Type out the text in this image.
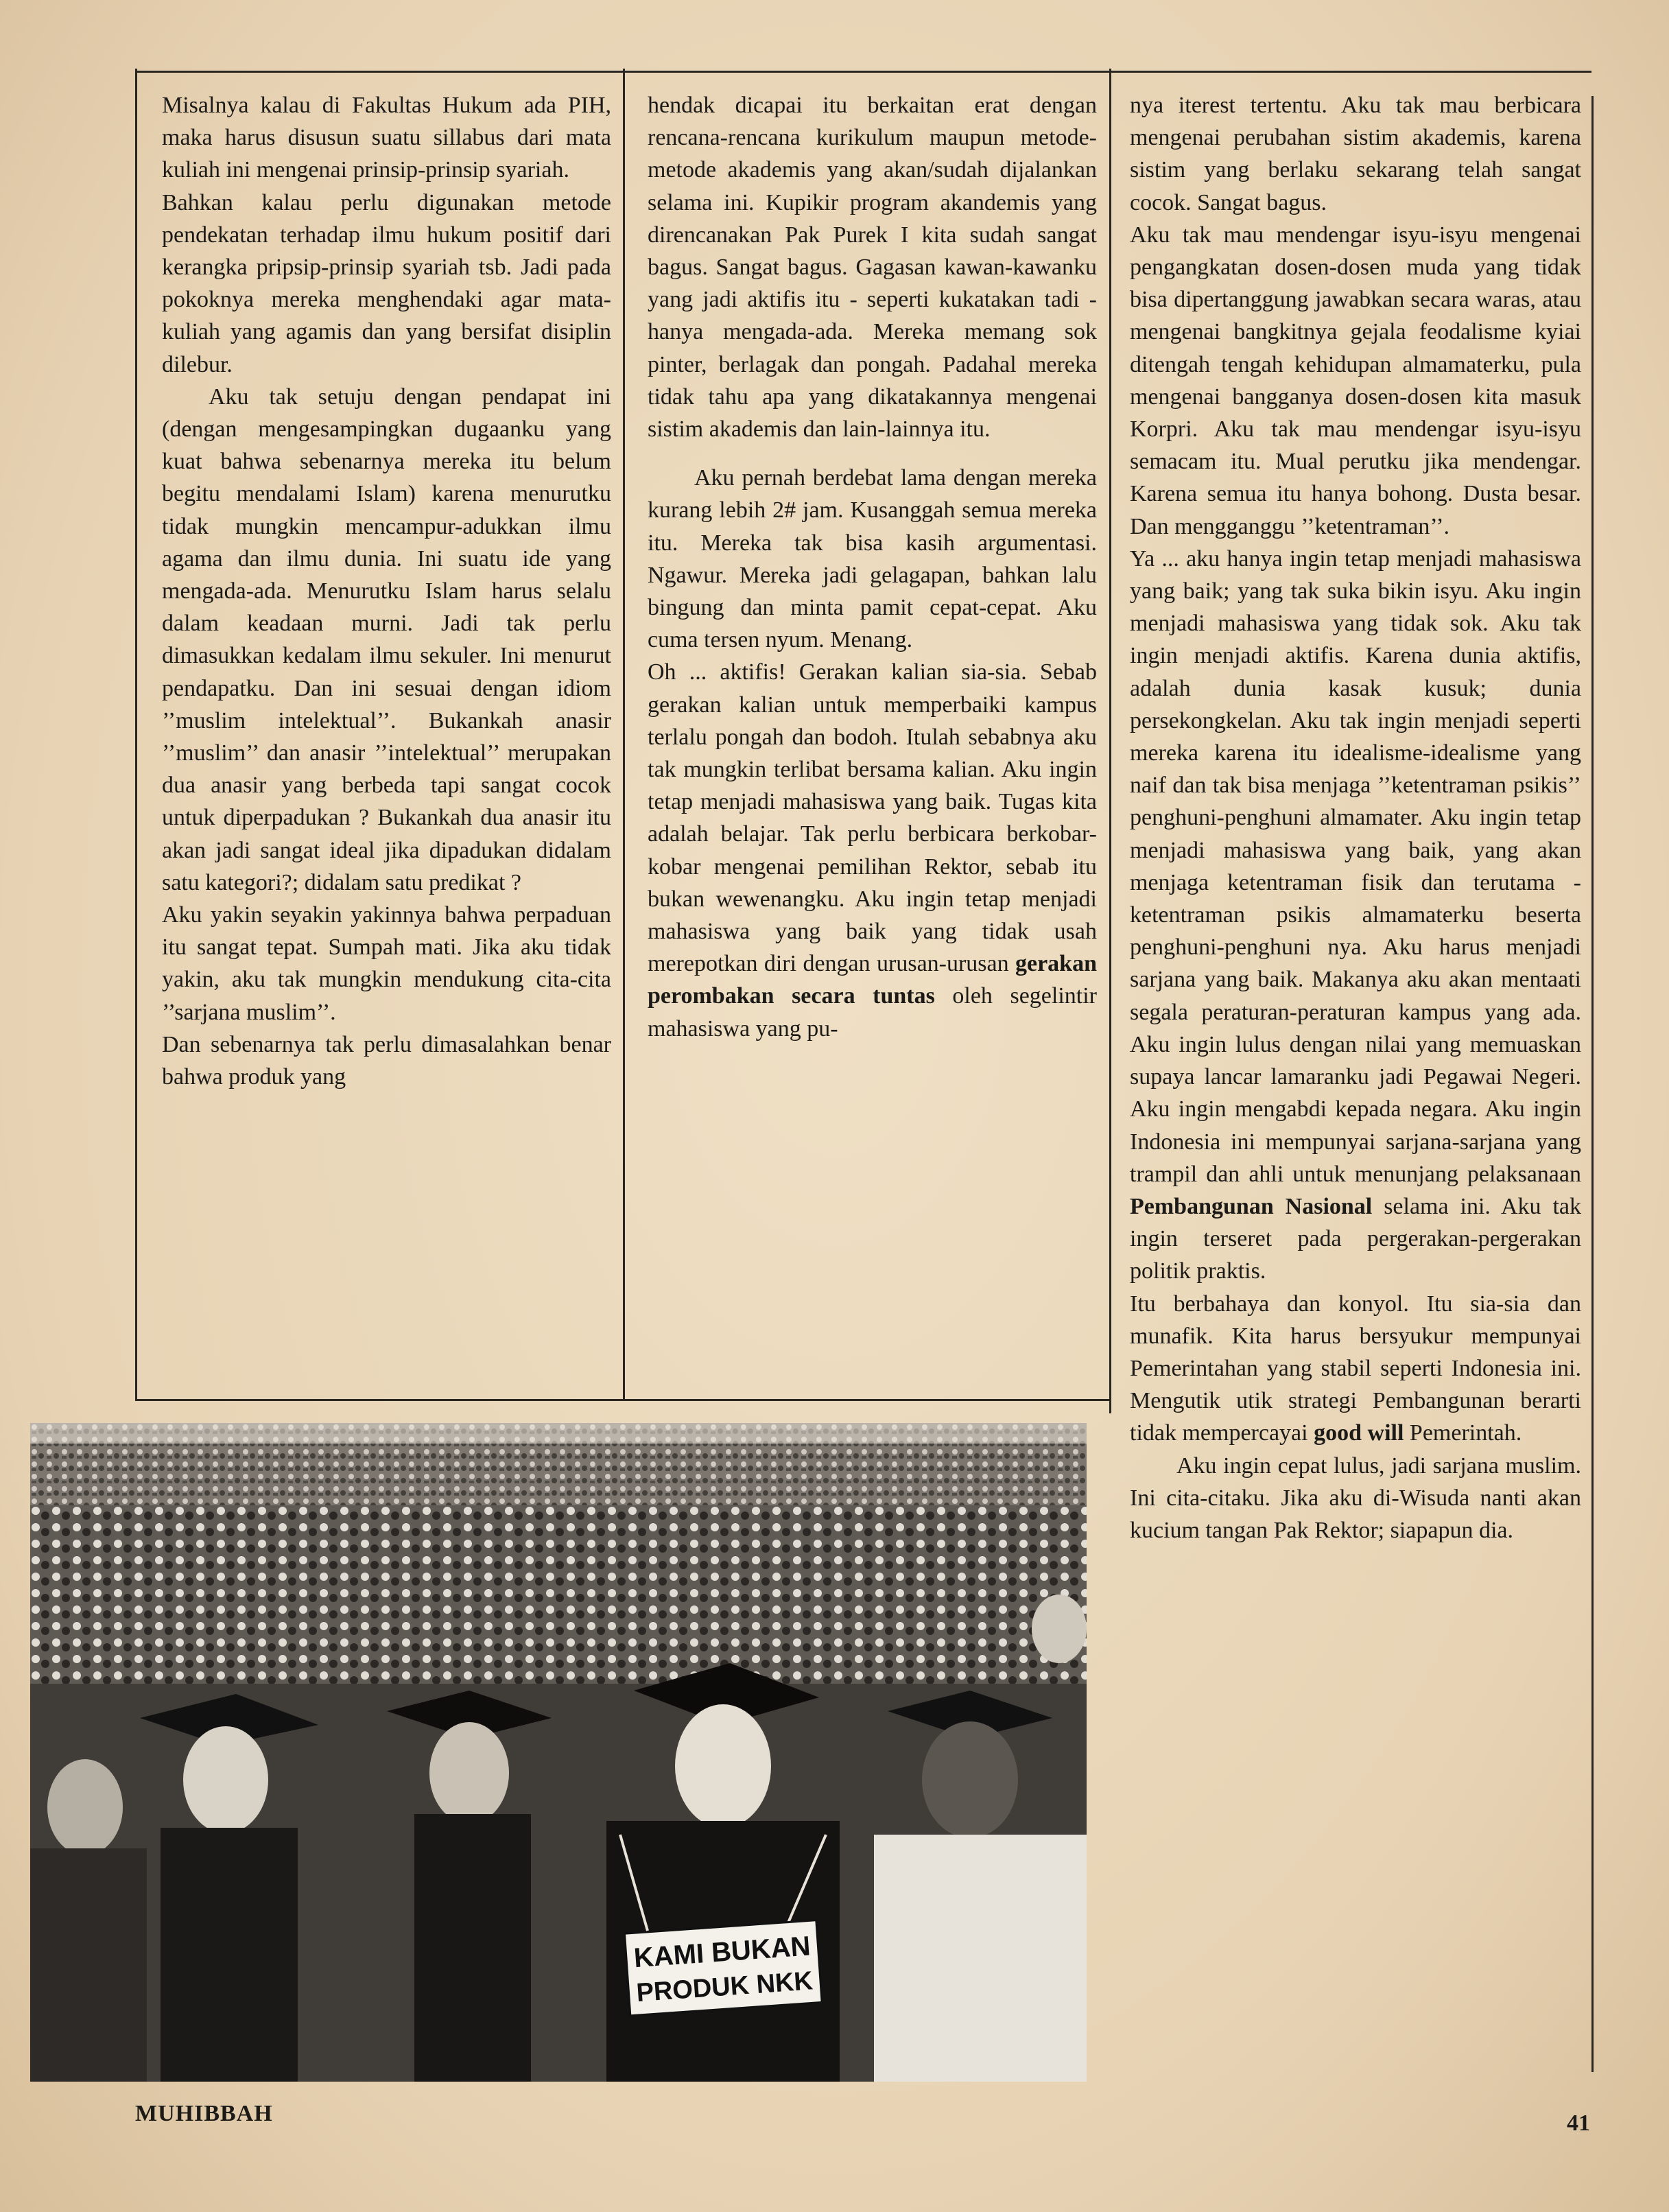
Misalnya kalau di Fakultas Hukum ada PIH, maka harus disusun suatu sillabus dari mata kuliah ini mengenai prinsip-prinsip syariah.

Bahkan kalau perlu digunakan metode pendekatan terhadap ilmu hukum positif dari kerangka pripsip-prinsip syariah tsb. Jadi pada pokoknya mereka menghendaki agar mata-kuliah yang agamis dan yang bersifat disiplin dilebur.

Aku tak setuju dengan pendapat ini (dengan mengesampingkan dugaanku yang kuat bahwa sebenarnya mereka itu belum begitu mendalami Islam) karena menurutku tidak mungkin mencampur-adukkan ilmu agama dan ilmu dunia. Ini suatu ide yang mengada-ada. Menurutku Islam harus selalu dalam keadaan murni. Jadi tak perlu dimasukkan kedalam ilmu sekuler. Ini menurut pendapatku. Dan ini sesuai dengan idiom ’’muslim intelektual’’. Bukankah anasir ’’muslim’’ dan anasir ’’intelektual’’ merupakan dua anasir yang berbeda tapi sangat cocok untuk diperpadukan ? Bukankah dua anasir itu akan jadi sangat ideal jika dipadukan didalam satu kategori?; didalam satu predikat ?

Aku yakin seyakin yakinnya bahwa perpaduan itu sangat tepat. Sumpah mati. Jika aku tidak yakin, aku tak mungkin mendukung cita-cita ’’sarjana muslim’’.

Dan sebenarnya tak perlu dimasalahkan benar bahwa produk yang

hendak dicapai itu berkaitan erat dengan rencana-rencana kurikulum maupun metode-metode akademis yang akan/sudah dijalankan selama ini. Kupikir program akandemis yang direncanakan Pak Purek I kita sudah sangat bagus. Sangat bagus. Gagasan kawan-kawanku yang jadi aktifis itu - seperti kukatakan tadi - hanya mengada-ada. Mereka memang sok pinter, berlagak dan pongah. Padahal mereka tidak tahu apa yang dikatakannya mengenai sistim akademis dan lain-lainnya itu.

Aku pernah berdebat lama dengan mereka kurang lebih 2# jam. Kusanggah semua mereka itu. Mereka tak bisa kasih argumentasi. Ngawur. Mereka jadi gelagapan, bahkan lalu bingung dan minta pamit cepat-cepat. Aku cuma tersen nyum. Menang.

Oh ... aktifis! Gerakan kalian sia-sia. Sebab gerakan kalian untuk memperbaiki kampus terlalu pongah dan bodoh. Itulah sebabnya aku tak mungkin terlibat bersama kalian. Aku ingin tetap menjadi mahasiswa yang baik. Tugas kita adalah belajar. Tak perlu berbicara berkobar-kobar mengenai pemilihan Rektor, sebab itu bukan wewenangku. Aku ingin tetap menjadi mahasiswa yang baik yang tidak usah merepotkan diri dengan urusan-urusan gerakan perombakan secara tuntas oleh segelintir mahasiswa yang pu-

nya iterest tertentu. Aku tak mau berbicara mengenai perubahan sistim akademis, karena sistim yang berlaku sekarang telah sangat cocok. Sangat bagus.

Aku tak mau mendengar isyu-isyu mengenai pengangkatan dosen-dosen muda yang tidak bisa dipertanggung jawabkan secara waras, atau mengenai bangkitnya gejala feodalisme kyiai ditengah tengah kehidupan almamaterku, pula mengenai bangganya dosen-dosen kita masuk Korpri. Aku tak mau mendengar isyu-isyu semacam itu. Mual perutku jika mendengar. Karena semua itu hanya bohong. Dusta besar. Dan mengganggu ’’ketentraman’’.

Ya ... aku hanya ingin tetap menjadi mahasiswa yang baik; yang tak suka bikin isyu. Aku ingin menjadi mahasiswa yang tidak sok. Aku tak ingin menjadi aktifis. Karena dunia aktifis, adalah dunia kasak kusuk; dunia persekongkelan. Aku tak ingin menjadi seperti mereka karena itu idealisme-idealisme yang naif dan tak bisa menjaga ’’ketentraman psikis’’ penghuni-penghuni almamater. Aku ingin tetap menjadi mahasiswa yang baik, yang akan menjaga ketentraman fisik dan terutama - ketentraman psikis almamaterku beserta penghuni-penghuni nya. Aku harus menjadi sarjana yang baik. Makanya aku akan mentaati segala peraturan-peraturan kampus yang ada. Aku ingin lulus dengan nilai yang memuaskan supaya lancar lamaranku jadi Pegawai Negeri. Aku ingin mengabdi kepada negara. Aku ingin Indonesia ini mempunyai sarjana-sarjana yang trampil dan ahli untuk menunjang pelaksanaan Pembangunan Nasional selama ini. Aku tak ingin terseret pada pergerakan-pergerakan politik praktis.

Itu berbahaya dan konyol. Itu sia-sia dan munafik. Kita harus bersyukur mempunyai Pemerintahan yang stabil seperti Indonesia ini. Mengutik utik strategi Pembangunan berarti tidak mempercayai good will Pemerintah.

Aku ingin cepat lulus, jadi sarjana muslim. Ini cita-citaku. Jika aku di-Wisuda nanti akan kucium tangan Pak Rektor; siapapun dia.

KAMI BUKAN
PRODUK NKK
MUHIBBAH	41
